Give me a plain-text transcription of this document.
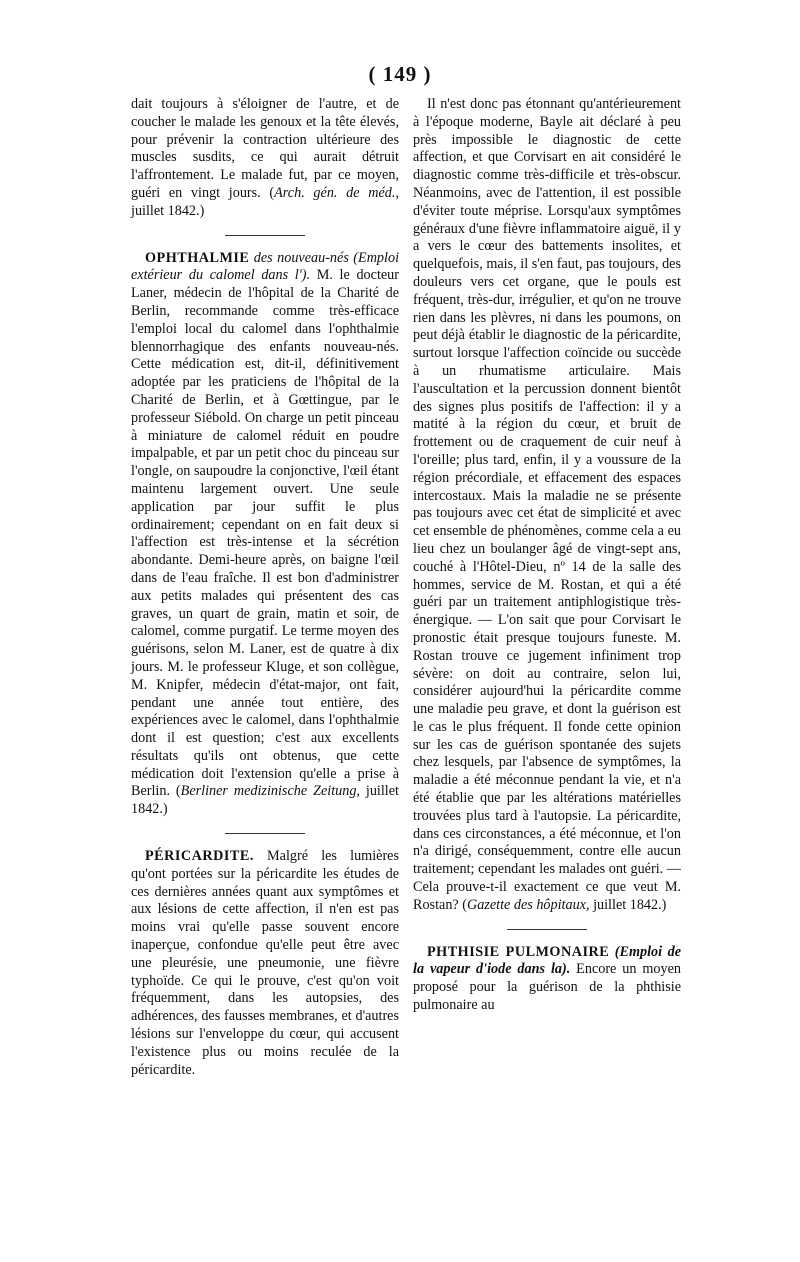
( 149 )

dait toujours à s'éloigner de l'autre, et de coucher le malade les genoux et la tête élevés, pour prévenir la contraction ultérieure des muscles susdits, ce qui aurait détruit l'affrontement. Le malade fut, par ce moyen, guéri en vingt jours. (Arch. gén. de méd., juillet 1842.)

OPHTHALMIE des nouveau-nés (Emploi extérieur du calomel dans l'). M. le docteur Laner, médecin de l'hôpital de la Charité de Berlin, recommande comme très-efficace l'emploi local du calomel dans l'ophthalmie blennorrhagique des enfants nouveau-nés. Cette médication est, dit-il, définitivement adoptée par les praticiens de l'hôpital de la Charité de Berlin, et à Gœttingue, par le professeur Siébold. On charge un petit pinceau à miniature de calomel réduit en poudre impalpable, et par un petit choc du pinceau sur l'ongle, on saupoudre la conjonctive, l'œil étant maintenu largement ouvert. Une seule application par jour suffit le plus ordinairement; cependant on en fait deux si l'affection est très-intense et la sécrétion abondante. Demi-heure après, on baigne l'œil dans de l'eau fraîche. Il est bon d'administrer aux petits malades qui présentent des cas graves, un quart de grain, matin et soir, de calomel, comme purgatif. Le terme moyen des guérisons, selon M. Laner, est de quatre à dix jours. M. le professeur Kluge, et son collègue, M. Knipfer, médecin d'état-major, ont fait, pendant une année tout entière, des expériences avec le calomel, dans l'ophthalmie dont il est question; c'est aux excellents résultats qu'ils ont obtenus, que cette médication doit l'extension qu'elle a prise à Berlin. (Berliner medizinische Zeitung, juillet 1842.)

PÉRICARDITE. Malgré les lumières qu'ont portées sur la péricardite les études de ces dernières années quant aux symptômes et aux lésions de cette affection, il n'en est pas moins vrai qu'elle passe souvent encore inaperçue, confondue qu'elle peut être avec une pleurésie, une pneumonie, une fièvre typhoïde. Ce qui le prouve, c'est qu'on voit fréquemment, dans les autopsies, des adhérences, des fausses membranes, et d'autres lésions sur l'enveloppe du cœur, qui accusent l'existence plus ou moins reculée de la péricardite.

Il n'est donc pas étonnant qu'antérieurement à l'époque moderne, Bayle ait déclaré à peu près impossible le diagnostic de cette affection, et que Corvisart en ait considéré le diagnostic comme très-difficile et très-obscur. Néanmoins, avec de l'attention, il est possible d'éviter toute méprise. Lorsqu'aux symptômes généraux d'une fièvre inflammatoire aiguë, il y a vers le cœur des battements insolites, et quelquefois, mais, il s'en faut, pas toujours, des douleurs vers cet organe, que le pouls est fréquent, très-dur, irrégulier, et qu'on ne trouve rien dans les plèvres, ni dans les poumons, on peut déjà établir le diagnostic de la péricardite, surtout lorsque l'affection coïncide ou succède à un rhumatisme articulaire. Mais l'auscultation et la percussion donnent bientôt des signes plus positifs de l'affection: il y a matité à la région du cœur, et bruit de frottement ou de craquement de cuir neuf à l'oreille; plus tard, enfin, il y a voussure de la région précordiale, et effacement des espaces intercostaux. Mais la maladie ne se présente pas toujours avec cet état de simplicité et avec cet ensemble de phénomènes, comme cela a eu lieu chez un boulanger âgé de vingt-sept ans, couché à l'Hôtel-Dieu, nº 14 de la salle des hommes, service de M. Rostan, et qui a été guéri par un traitement antiphlogistique très-énergique. — L'on sait que pour Corvisart le pronostic était presque toujours funeste. M. Rostan trouve ce jugement infiniment trop sévère: on doit au contraire, selon lui, considérer aujourd'hui la péricardite comme une maladie peu grave, et dont la guérison est le cas le plus fréquent. Il fonde cette opinion sur les cas de guérison spontanée des sujets chez lesquels, par l'absence de symptômes, la maladie a été méconnue pendant la vie, et n'a été établie que par les altérations matérielles trouvées plus tard à l'autopsie. La péricardite, dans ces circonstances, a été méconnue, et l'on n'a dirigé, conséquemment, contre elle aucun traitement; cependant les malades ont guéri. — Cela prouve-t-il exactement ce que veut M. Rostan? (Gazette des hôpitaux, juillet 1842.)

PHTHISIE PULMONAIRE (Emploi de la vapeur d'iode dans la). Encore un moyen proposé pour la guérison de la phthisie pulmonaire au
